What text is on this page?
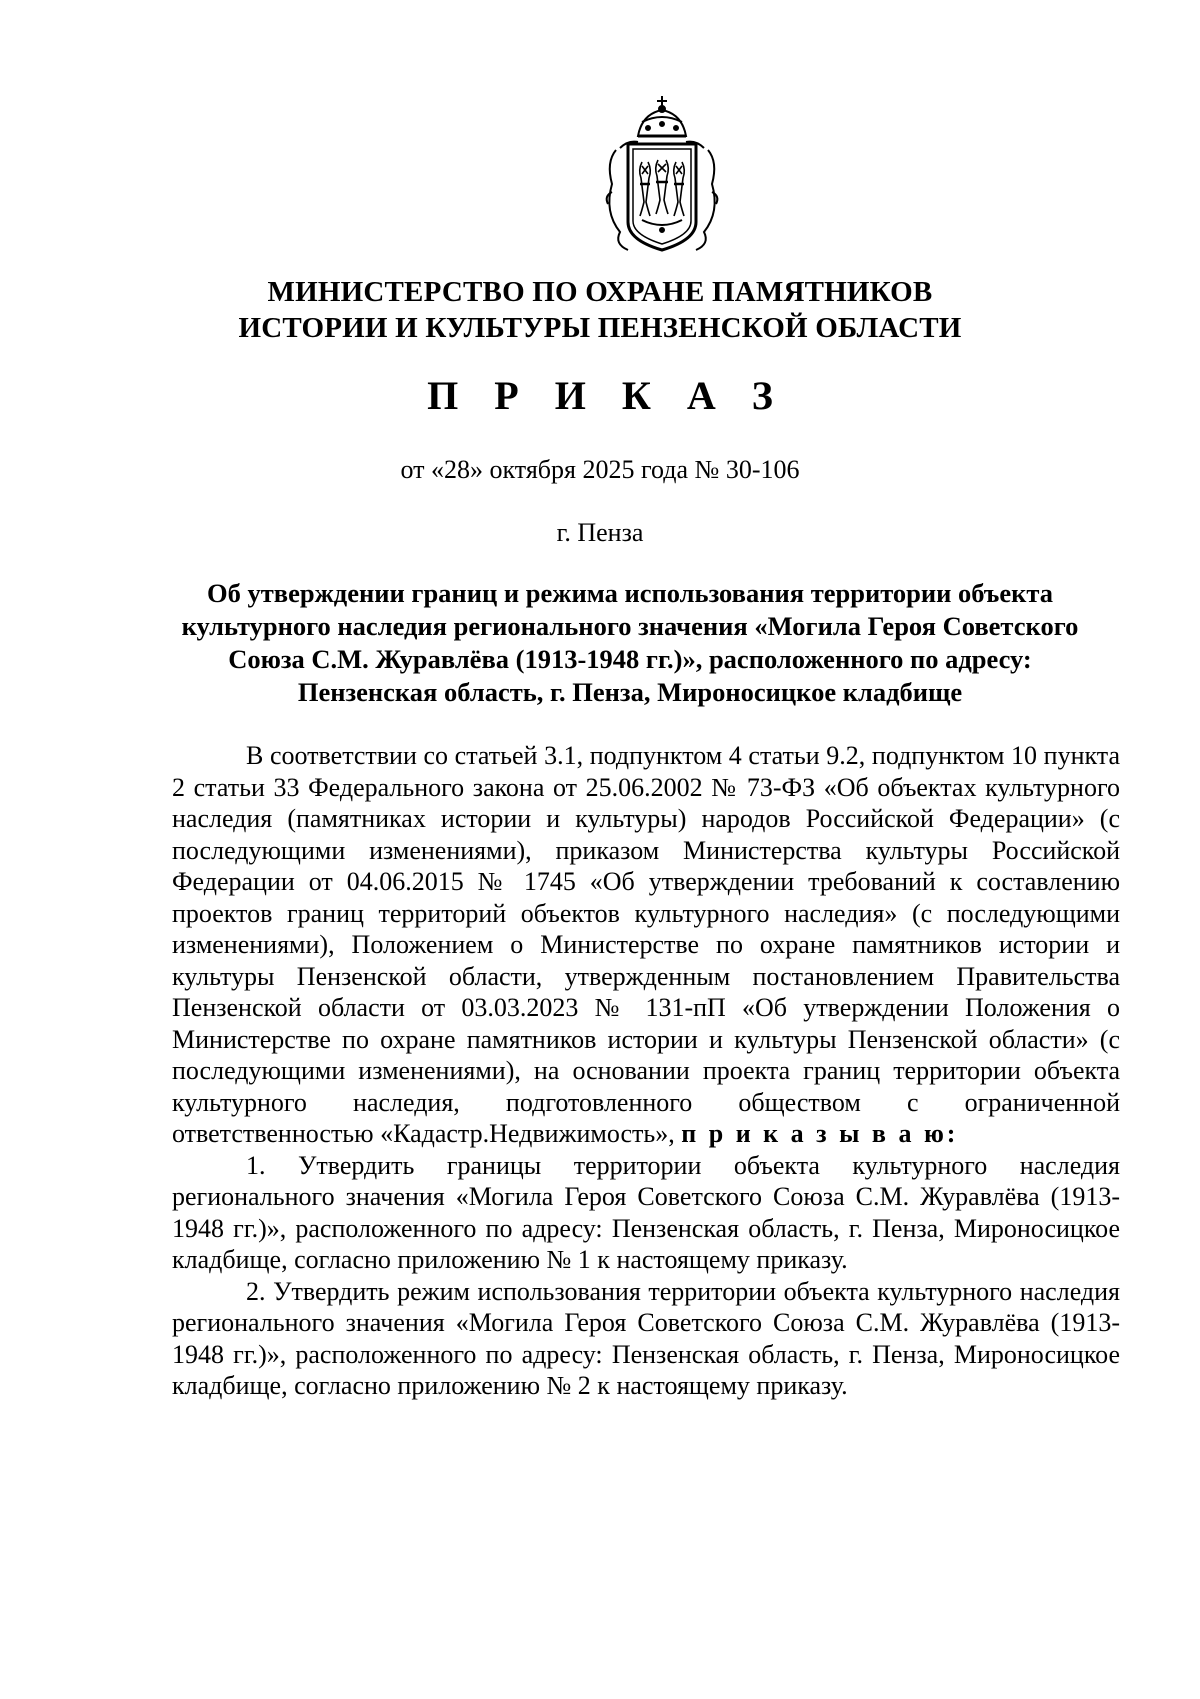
МИНИСТЕРСТВО ПО ОХРАНЕ ПАМЯТНИКОВ
ИСТОРИИ И КУЛЬТУРЫ ПЕНЗЕНСКОЙ ОБЛАСТИ
П Р И К А З
от «28» октября 2025 года № 30-106
г. Пенза
Об утверждении границ и режима использования территории объекта культурного наследия регионального значения «Могила Героя Советского Союза С.М. Журавлёва (1913-1948 гг.)», расположенного по адресу: Пензенская область, г. Пенза, Мироносицкое кладбище

В соответствии со статьей 3.1, подпунктом 4 статьи 9.2, подпунктом 10 пункта 2 статьи 33 Федерального закона от 25.06.2002 № 73-ФЗ «Об объектах культурного наследия (памятниках истории и культуры) народов Российской Федерации» (с последующими изменениями), приказом Министерства культуры Российской Федерации от 04.06.2015 № 1745 «Об утверждении требований к составлению проектов границ территорий объектов культурного наследия» (с последующими изменениями), Положением о Министерстве по охране памятников истории и культуры Пензенской области, утвержденным постановлением Правительства Пензенской области от 03.03.2023 № 131-пП «Об утверждении Положения о Министерстве по охране памятников истории и культуры Пензенской области» (с последующими изменениями), на основании проекта границ территории объекта культурного наследия, подготовленного обществом с ограниченной ответственностью «Кадастр.Недвижимость», п р и к а з ы в а ю:

1. Утвердить границы территории объекта культурного наследия регионального значения «Могила Героя Советского Союза С.М. Журавлёва (1913-1948 гг.)», расположенного по адресу: Пензенская область, г. Пенза, Мироносицкое кладбище, согласно приложению № 1 к настоящему приказу.

2. Утвердить режим использования территории объекта культурного наследия регионального значения «Могила Героя Советского Союза С.М. Журавлёва (1913-1948 гг.)», расположенного по адресу: Пензенская область, г. Пенза, Мироносицкое кладбище, согласно приложению № 2 к настоящему приказу.
